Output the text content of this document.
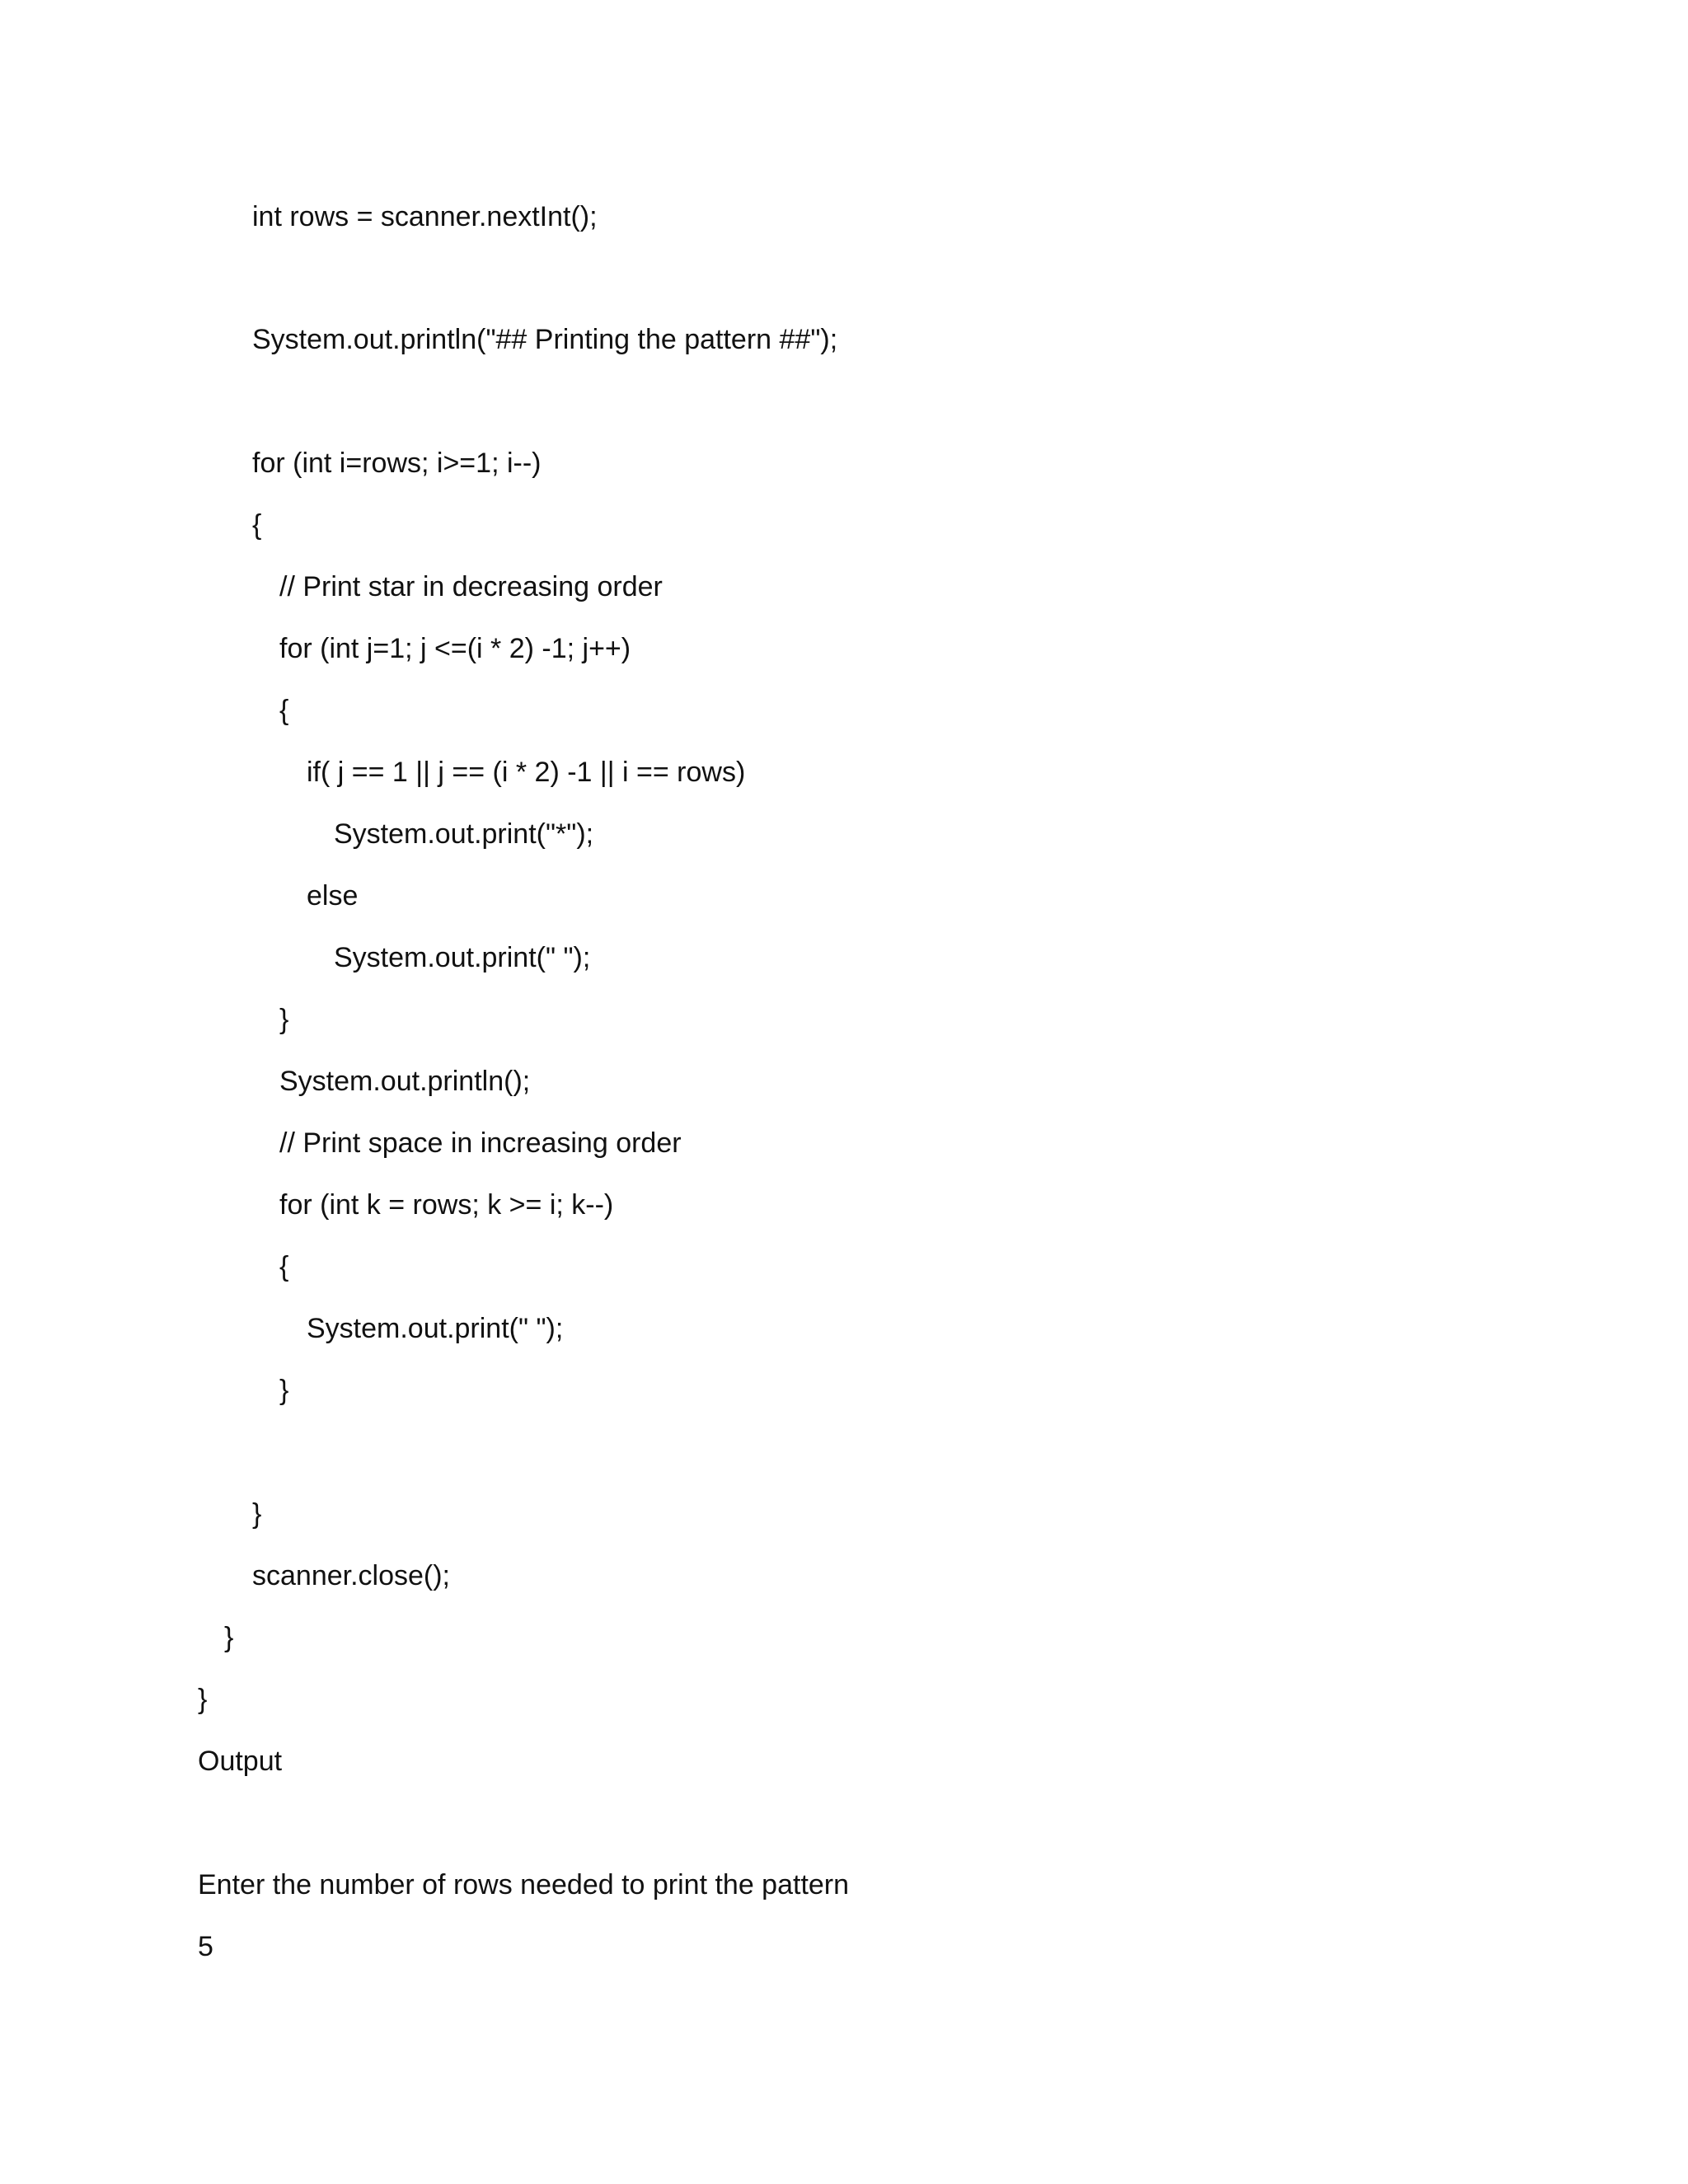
int rows = scanner.nextInt();
System.out.println("## Printing the pattern ##");
for (int i=rows; i>=1; i--)
{
// Print star in decreasing order
for (int j=1; j <=(i * 2) -1; j++)
{
if( j == 1 || j == (i * 2) -1 || i == rows)
System.out.print("*");
else
System.out.print(" ");
}
System.out.println();
// Print space in increasing order
for (int k = rows; k >= i; k--)
{
System.out.print(" ");
}
}
scanner.close();
}
}
Output
Enter the number of rows needed to print the pattern
5
